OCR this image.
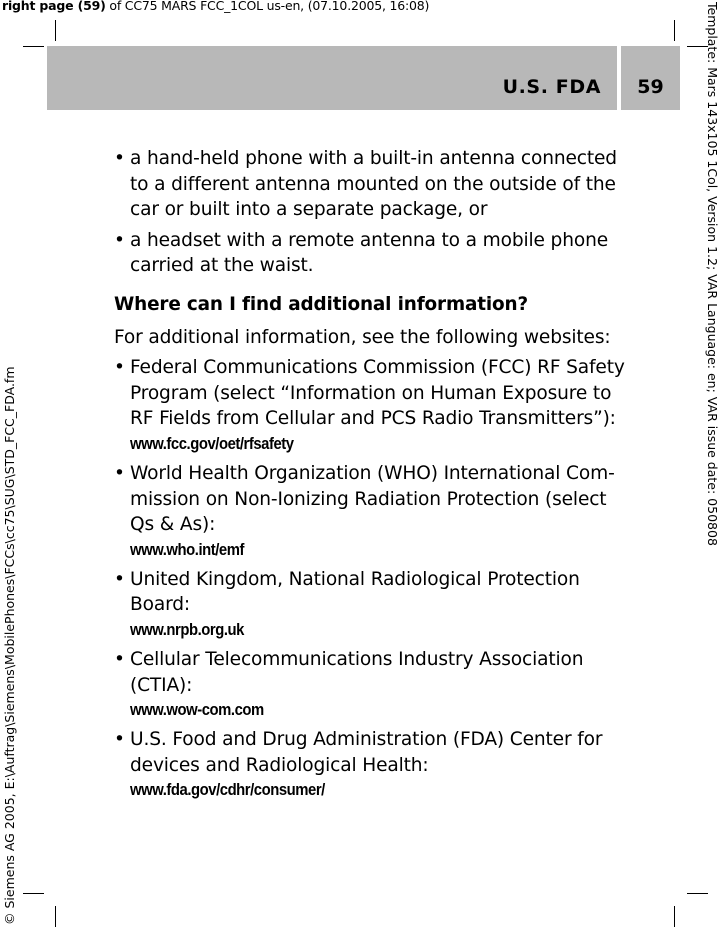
right page (59) of CC75 MARS FCC_1COL us-en, (07.10.2005, 16:08)
U.S. FDA	59	Template: Mars 143x105 1Col, Version 1.2; VAR Language: en; VAR issue date: 050808
© Siemens AG 2005, E:\Auftrag\Siemens\MobilePhones\FCCs\cc75\SUG\STD_FCC_FDA.fm
• a hand-held phone with a built-in antenna connected to a different antenna mounted on the outside of the car or built into a separate package, or
• a headset with a remote antenna to a mobile phone carried at the waist.
Where can I find additional information?
For additional information, see the following websites:
• Federal Communications Commission (FCC) RF Safety Program (select “Information on Human Exposure to RF Fields from Cellular and PCS Radio Transmitters”):
www.fcc.gov/oet/rfsafety
• World Health Organization (WHO) International Com-mission on Non-Ionizing Radiation Protection (select Qs & As):
www.who.int/emf
• United Kingdom, National Radiological Protection Board:
www.nrpb.org.uk
• Cellular Telecommunications Industry Association (CTIA):
www.wow-com.com
• U.S. Food and Drug Administration (FDA) Center for devices and Radiological Health:
www.fda.gov/cdhr/consumer/
